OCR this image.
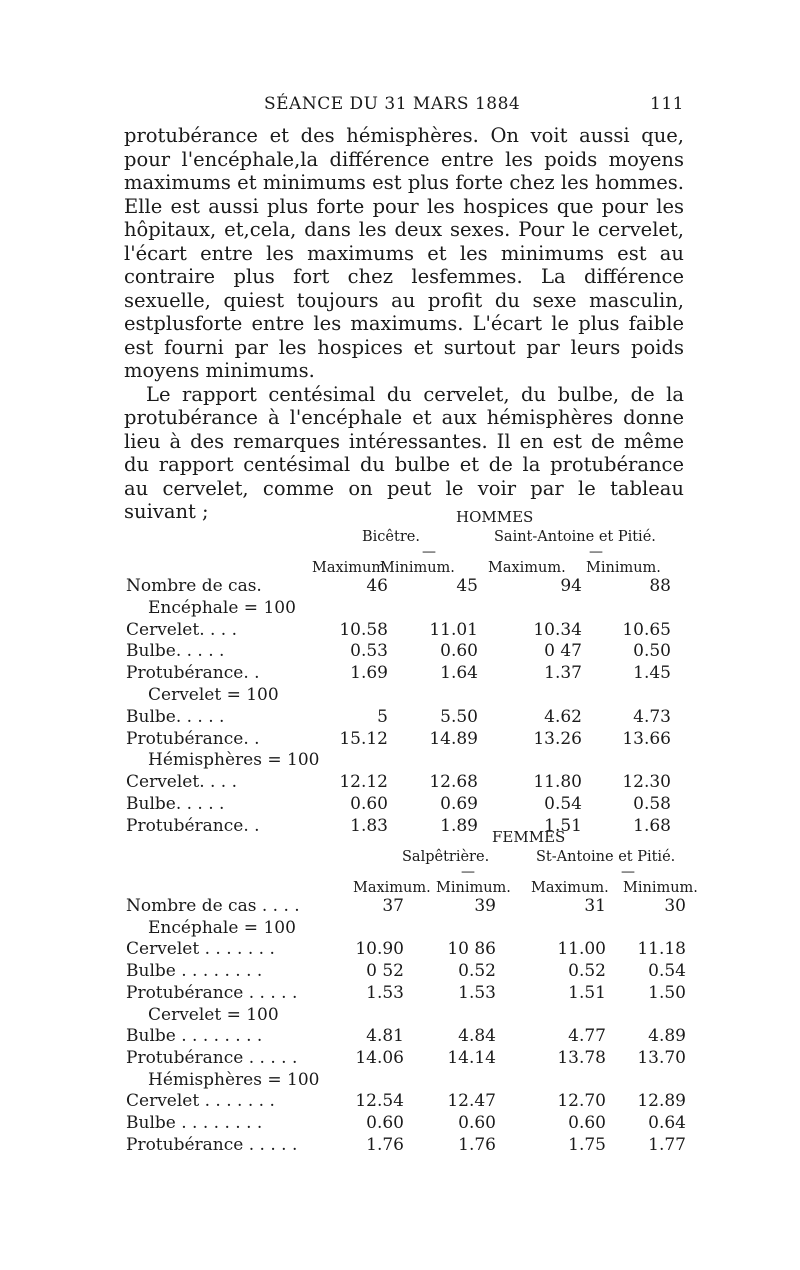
SÉANCE DU 31 MARS 1884	111

protubérance et des hémisphères. On voit aussi que, pour l'encéphale,la différence entre les poids moyens maximums et minimums est plus forte chez les hommes. Elle est aussi plus forte pour les hospices que pour les hôpitaux, et,cela, dans les deux sexes. Pour le cervelet, l'écart entre les maximums et les minimums est au contraire plus fort chez lesfemmes. La différence sexuelle, quiest toujours au profit du sexe masculin, estplusforte entre les maximums. L'écart le plus faible est fourni par les hospices et surtout par leurs poids moyens minimums.

Le rapport centésimal du cervelet, du bulbe, de la protubérance à l'encéphale et aux hémisphères donne lieu à des remarques intéressantes. Il en est de même du rapport centésimal du bulbe et de la protubérance au cervelet, comme on peut le voir par le tableau suivant ;	HOMMES
Bicêtre.
—
Saint-Antoine et Pitié.
—
Maximum.
Minimum. Maximum. Minimum.
Nombre de cas.	46	45	94	88
Encéphale = 100
Cervelet. . . .	10.58	11.01	10.34	10.65
Bulbe. . . . .	0.53	0.60	0 47	0.50
Protubérance. .	1.69	1.64	1.37	1.45
Cervelet = 100
Bulbe. . . . .	5	5.50	4.62	4.73
Protubérance. .	15.12	14.89	13.26	13.66
Hémisphères = 100
Cervelet. . . .	12.12	12.68	11.80	12.30
Bulbe. . . . .	0.60	0.69	0.54	0.58
Protubérance. .	1.83	1.89	1.51	1.68
FEMMES
Salpêtrière.
—
St-Antoine et Pitié.
—
Maximum. Minimum. Maximum. Minimum.
Nombre de cas . . . .	37	39	31	30
Encéphale = 100
Cervelet . . . . . . .	10.90	10 86	11.00	11.18
Bulbe . . . . . . . .	0 52	0.52	0.52	0.54
Protubérance . . . . .	1.53	1.53	1.51	1.50
Cervelet = 100
Bulbe . . . . . . . .	4.81	4.84	4.77	4.89
Protubérance . . . . .	14.06	14.14	13.78	13.70
Hémisphères = 100
Cervelet . . . . . . .	12.54	12.47	12.70	12.89
Bulbe . . . . . . . .	0.60	0.60	0.60	0.64
Protubérance . . . . .	1.76	1.76	1.75	1.77
